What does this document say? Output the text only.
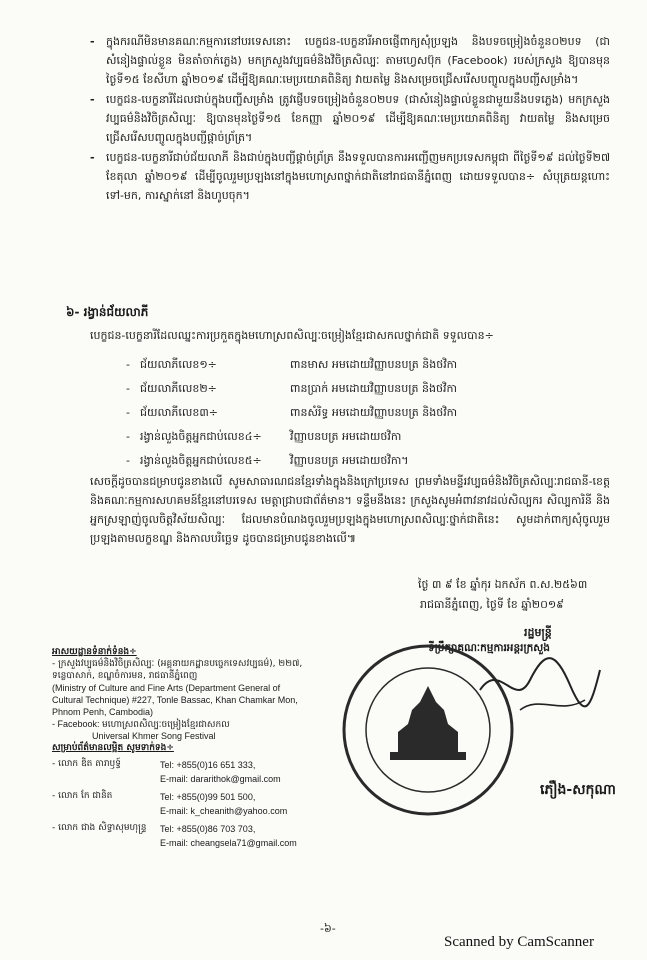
-	ក្នុងករណីមិនមានគណៈកម្មការនៅបរទេសនោះ បេក្ខជន-បេក្ខនារីអាចផ្ញើពាក្យសុំប្រឡង និងបទចម្រៀងចំនួន០២បទ (ជាសំនៀងផ្ទាល់ខ្លួន មិនតាំចាក់ភ្លេង) មកក្រសួងវប្បធម៌និងវិចិត្រសិល្បៈ តាមហ្វេសប៊ុក (Facebook) របស់ក្រសួង ឱ្យបានមុនថ្ងៃទី១៥ ខែសីហា ឆ្នាំ២០១៩ ដើម្បីឱ្យគណៈមេប្រយោគពិនិត្យ វាយតម្លៃ និងសម្រេចជ្រើសរើសបញ្ចូលក្នុងបញ្ជីសម្រាំង។
-	បេក្ខជន-បេក្ខនារីដែលជាប់ក្នុងបញ្ជីសម្រាំង ត្រូវផ្ញើបទចម្រៀងចំនួន០២បទ (ជាសំនៀងផ្ទាល់ខ្លួនជាមួយនឹងបទភ្លេង) មកក្រសួងវប្បធម៌និងវិចិត្រសិល្បៈ ឱ្យបានមុនថ្ងៃទី១៥ ខែកញ្ញា ឆ្នាំ២០១៩ ដើម្បីឱ្យគណៈមេប្រយោគពិនិត្យ វាយតម្លៃ និងសម្រេចជ្រើសរើសបញ្ចូលក្នុងបញ្ជីផ្តាច់ព្រ័ត្រ។
-	បេក្ខជន-បេក្ខនារីជាប់ជ័យលាភី និងជាប់ក្នុងបញ្ជីផ្តាច់ព្រ័ត្រ នឹងទទួលបានការអញ្ជើញមកប្រទេសកម្ពុជា ពីថ្ងៃទី១៩ ដល់ថ្ងៃទី២៧ ខែតុលា ឆ្នាំ២០១៩ ដើម្បីចូលរួមប្រឡងនៅក្នុងមហោស្រពថ្នាក់ជាតិនៅរាជធានីភ្នំពេញ ដោយទទួលបាន÷ សំបុត្រយន្តហោះទៅ-មក, ការស្នាក់នៅ និងហូបចុក។
៦- រង្វាន់ជ័យលាភី
បេក្ខជន-បេក្ខនារីដែលឈ្នះការប្រកួតក្នុងមហោស្រពសិល្បៈចម្រៀងខ្មែរជាសកលថ្នាក់ជាតិ ទទួលបាន÷
- ជ័យលាភីលេខ១÷	ពានមាស អមដោយវិញ្ញាបនបត្រ និងថវិកា
- ជ័យលាភីលេខ២÷	ពានប្រាក់ អមដោយវិញ្ញាបនបត្រ និងថវិកា
- ជ័យលាភីលេខ៣÷	ពានសំរិទ្ធ អមដោយវិញ្ញាបនបត្រ និងថវិកា
- រង្វាន់លួងចិត្តអ្នកជាប់លេខ៤÷	វិញ្ញាបនបត្រ អមដោយថវិកា
- រង្វាន់លួងចិត្តអ្នកជាប់លេខ៥÷	វិញ្ញាបនបត្រ អមដោយថវិកា។
សេចក្តីដូចបានជម្រាបជូនខាងលើ សូមសាធារណជនខ្មែរទាំងក្នុងនិងក្រៅប្រទេស ព្រមទាំងមន្ទីរវប្បធម៌និងវិចិត្រសិល្បៈរាជធានី-ខេត្ត និងគណៈកម្មការសហគមន៍ខ្មែរនៅបរទេស មេត្តាជ្រាបជាព័ត៌មាន។ ទន្ទឹមនឹងនេះ ក្រសួងសូមអំពាវនាវដល់សិល្បករ សិល្បការិនី និងអ្នកស្រឡាញ់ចូលចិត្តវិស័យសិល្បៈ ដែលមានបំណងចូលរួមប្រឡងក្នុងមហោស្រពសិល្បៈថ្នាក់ជាតិនេះ សូមដាក់ពាក្យសុំចូលរួមប្រឡងតាមលក្ខខណ្ឌ និងកាលបរិច្ឆេទ ដូចបានជម្រាបជូនខាងលើ៕
ថ្ងៃ ៣ ៩ ខែ ឆ្នាំកុរ ឯកស័ក ព.ស.២៥៦៣
រាជធានីភ្នំពេញ, ថ្ងៃទី ខែ ឆ្នាំ២០១៩
រដ្ឋមន្ត្រី
ទីប្រឹក្សាគណៈកម្មការអន្តរក្រសួង
ភឿង-សកុណា
អាសយដ្ឋានទំនាក់ទំនង÷
- ក្រសួងវប្បធម៌និងវិចិត្រសិល្បៈ (អគ្គនាយកដ្ឋានបច្ចេកទេសវប្បធម៌), ២២៧, ទន្លេបាសាក់, ខណ្ឌចំការមន, រាជធានីភ្នំពេញ
(Ministry of Culture and Fine Arts (Department General of Cultural Technique) #227, Tonle Bassac, Khan Chamkar Mon, Phnom Penh, Cambodia)
- Facebook: មហោស្រពសិល្បៈចម្រៀងខ្មែរជាសកល
Universal Khmer Song Festival
សម្រាប់ព័ត៌មានលម្អិត សូមទាក់ទង÷
- លោក ឌិត តារាឫទ្ធ៍	Tel: +855(0)16 651 333,
E-mail: dararithok@gmail.com
- លោក កែ ជានិត	Tel: +855(0)99 501 500,
E-mail: k_cheanith@yahoo.com
- លោក ជាង សិទ្ធាសុមហុន្ទ្រ	Tel: +855(0)86 703 703,
E-mail: cheangsela71@gmail.com
-៦-
Scanned by CamScanner
